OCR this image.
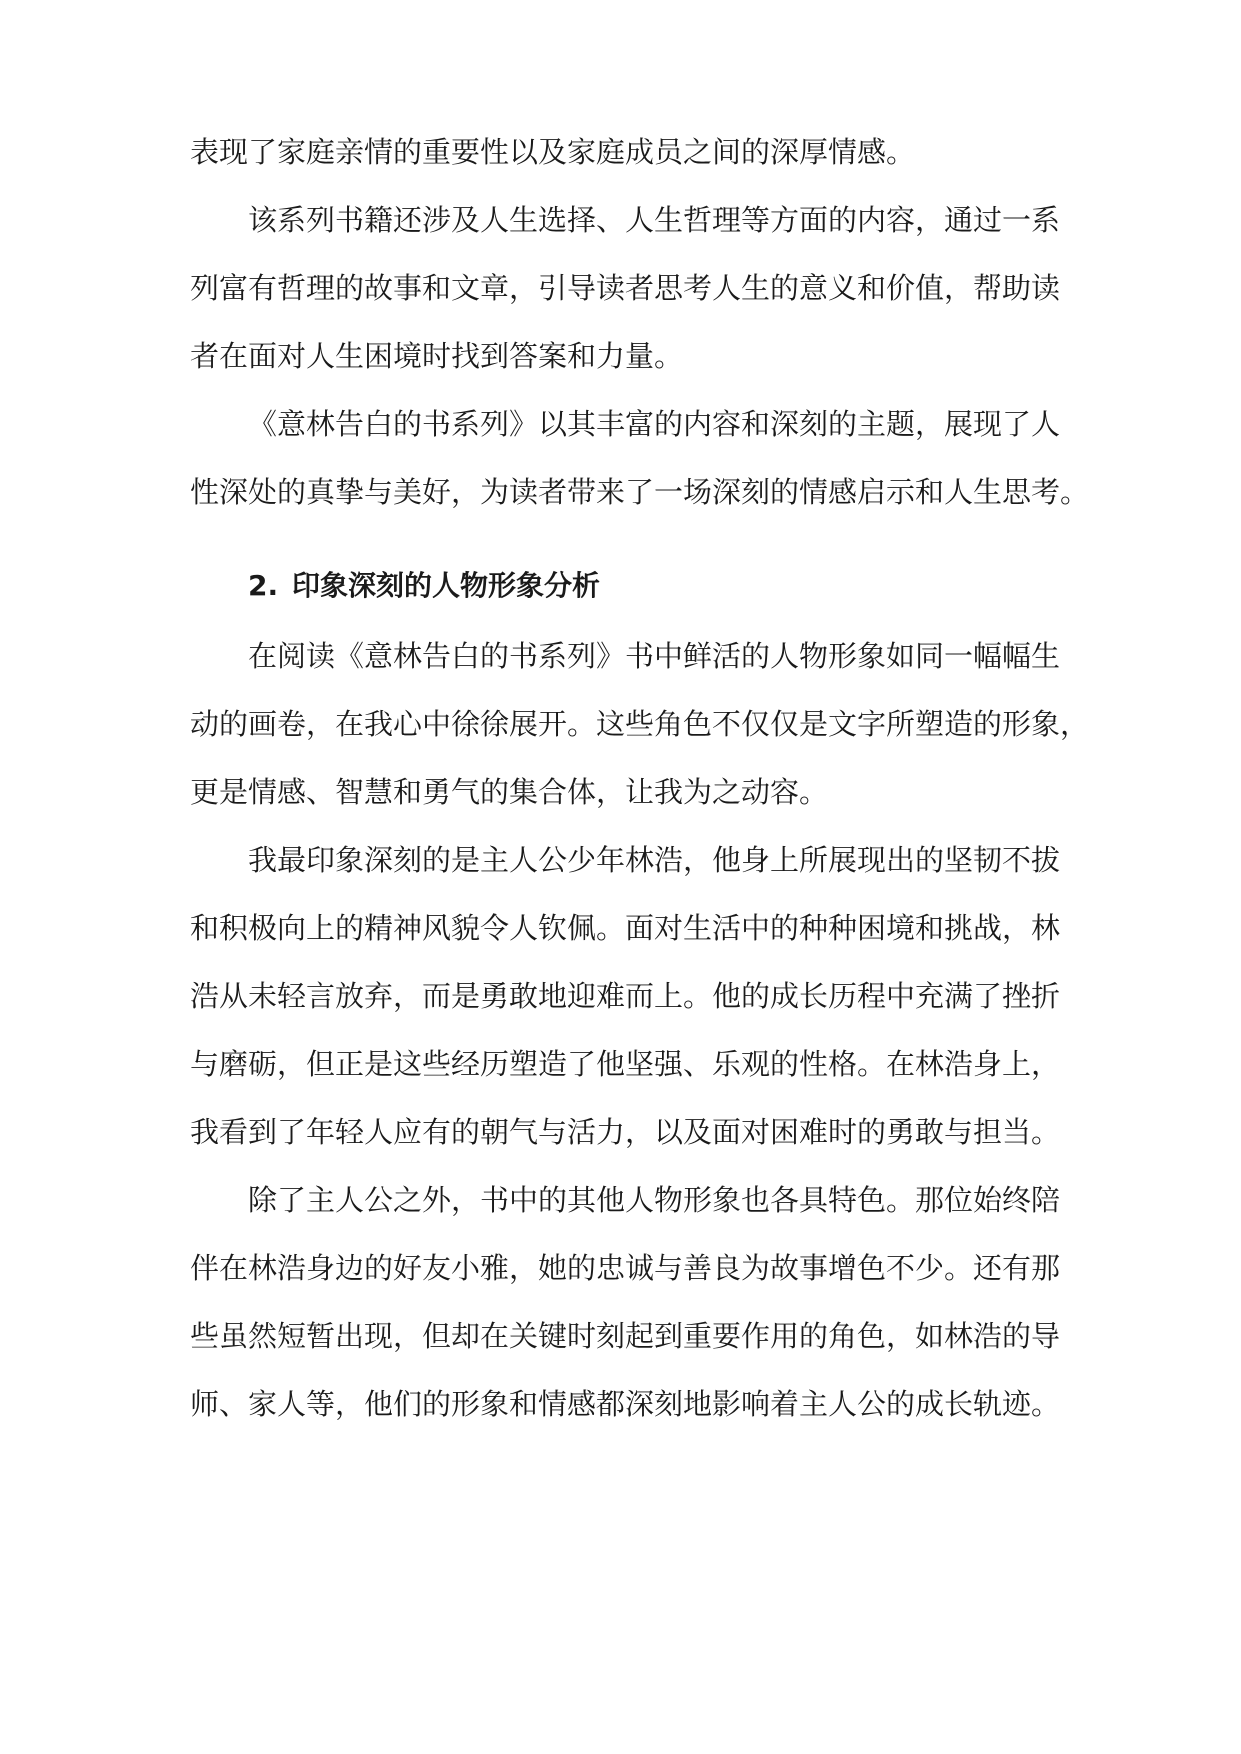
表现了家庭亲情的重要性以及家庭成员之间的深厚情感。
该系列书籍还涉及人生选择、人生哲理等方面的内容，通过一系
列富有哲理的故事和文章，引导读者思考人生的意义和价值，帮助读
者在面对人生困境时找到答案和力量。
《意林告白的书系列》以其丰富的内容和深刻的主题，展现了人
性深处的真挚与美好，为读者带来了一场深刻的情感启示和人生思考。
2. 印象深刻的人物形象分析
在阅读《意林告白的书系列》书中鲜活的人物形象如同一幅幅生
动的画卷，在我心中徐徐展开。这些角色不仅仅是文字所塑造的形象，
更是情感、智慧和勇气的集合体，让我为之动容。
我最印象深刻的是主人公少年林浩，他身上所展现出的坚韧不拔
和积极向上的精神风貌令人钦佩。面对生活中的种种困境和挑战，林
浩从未轻言放弃，而是勇敢地迎难而上。他的成长历程中充满了挫折
与磨砺，但正是这些经历塑造了他坚强、乐观的性格。在林浩身上，
我看到了年轻人应有的朝气与活力，以及面对困难时的勇敢与担当。
除了主人公之外，书中的其他人物形象也各具特色。那位始终陪
伴在林浩身边的好友小雅，她的忠诚与善良为故事增色不少。还有那
些虽然短暂出现，但却在关键时刻起到重要作用的角色，如林浩的导
师、家人等，他们的形象和情感都深刻地影响着主人公的成长轨迹。
